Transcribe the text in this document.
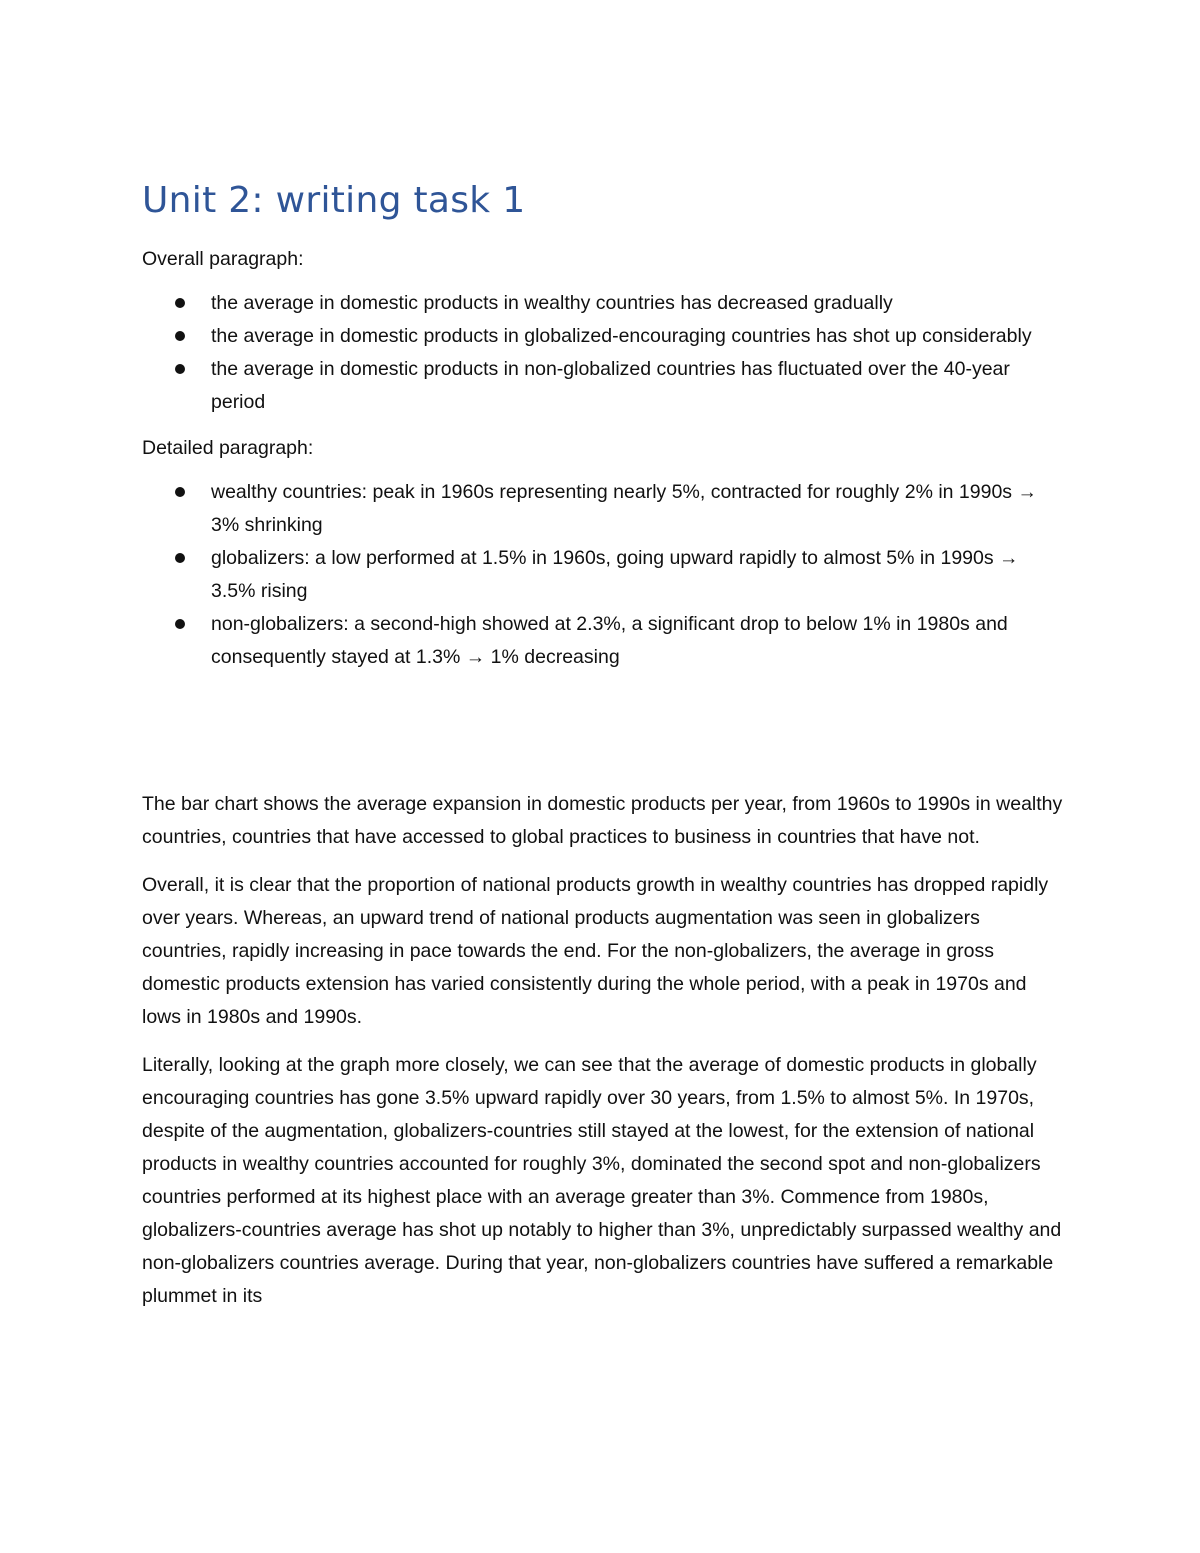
Unit 2: writing task 1
Overall paragraph:
the average in domestic products in wealthy countries has decreased gradually
the average in domestic products in globalized-encouraging countries has shot up considerably
the average in domestic products in non-globalized countries has fluctuated over the 40-year period
Detailed paragraph:
wealthy countries: peak in 1960s representing nearly 5%, contracted for roughly 2% in 1990s → 3% shrinking
globalizers: a low performed at 1.5% in 1960s, going upward rapidly to almost 5% in 1990s → 3.5% rising
non-globalizers: a second-high showed at 2.3%, a significant drop to below 1% in 1980s and consequently stayed at 1.3% → 1% decreasing

The bar chart shows the average expansion in domestic products per year, from 1960s to 1990s in wealthy countries, countries that have accessed to global practices to business in countries that have not.

Overall, it is clear that the proportion of national products growth in wealthy countries has dropped rapidly over years. Whereas, an upward trend of national products augmentation was seen in globalizers countries, rapidly increasing in pace towards the end. For the non-globalizers, the average in gross domestic products extension has varied consistently during the whole period, with a peak in 1970s and lows in 1980s and 1990s.

Literally, looking at the graph more closely, we can see that the average of domestic products in globally encouraging countries has gone 3.5% upward rapidly over 30 years, from 1.5% to almost 5%. In 1970s, despite of the augmentation, globalizers-countries still stayed at the lowest, for the extension of national products in wealthy countries accounted for roughly 3%, dominated the second spot and non-globalizers countries performed at its highest place with an average greater than 3%. Commence from 1980s, globalizers-countries average has shot up notably to higher than 3%, unpredictably surpassed wealthy and non-globalizers countries average. During that year, non-globalizers countries have suffered a remarkable plummet in its
